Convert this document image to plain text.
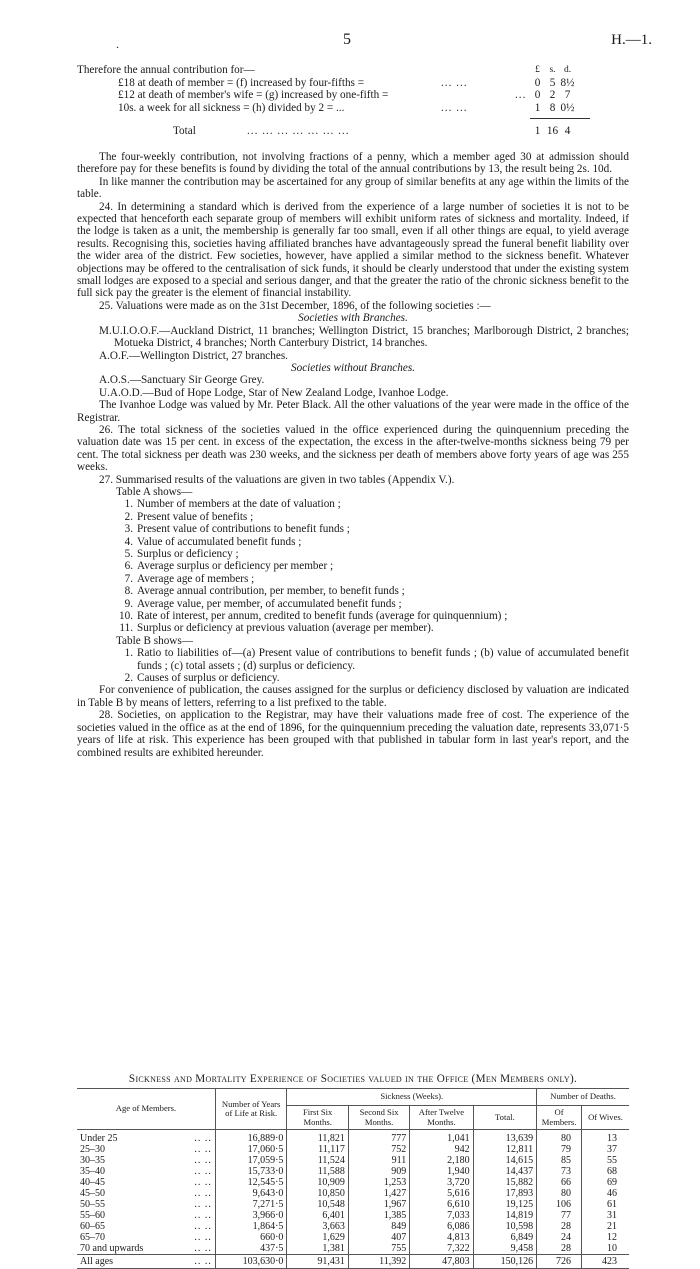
.	5	H.—1.
Therefore the annual contribution for—	£ s. d.
£18 at death of member = (f) increased by four-fifths =	... ...	0 5 8½
£12 at death of member's wife = (g) increased by one-fifth =	... 0 2 7
10s. a week for all sickness = (h) divided by 2 = ...	... ...	1 8 0½
Total	... ... ... ... ... ... ...	1 16 4

The four-weekly contribution, not involving fractions of a penny, which a member aged 30 at admission should therefore pay for these benefits is found by dividing the total of the annual contributions by 13, the result being 2s. 10d.

In like manner the contribution may be ascertained for any group of similar benefits at any age within the limits of the table.

24. In determining a standard which is derived from the experience of a large number of societies it is not to be expected that henceforth each separate group of members will exhibit uniform rates of sickness and mortality. Indeed, if the lodge is taken as a unit, the membership is generally far too small, even if all other things are equal, to yield average results. Recognising this, societies having affiliated branches have advantageously spread the funeral benefit liability over the wider area of the district. Few societies, however, have applied a similar method to the sickness benefit. Whatever objections may be offered to the centralisation of sick funds, it should be clearly understood that under the existing system small lodges are exposed to a special and serious danger, and that the greater the ratio of the chronic sickness benefit to the full sick pay the greater is the element of financial instability.

25. Valuations were made as on the 31st December, 1896, of the following societies :—

Societies with Branches.

M.U.I.O.O.F.—Auckland District, 11 branches; Wellington District, 15 branches; Marlborough District, 2 branches; Motueka District, 4 branches; North Canterbury District, 14 branches.

A.O.F.—Wellington District, 27 branches.

Societies without Branches.

A.O.S.—Sanctuary Sir George Grey.

U.A.O.D.—Bud of Hope Lodge, Star of New Zealand Lodge, Ivanhoe Lodge.

The Ivanhoe Lodge was valued by Mr. Peter Black. All the other valuations of the year were made in the office of the Registrar.

26. The total sickness of the societies valued in the office experienced during the quinquennium preceding the valuation date was 15 per cent. in excess of the expectation, the excess in the after-twelve-months sickness being 79 per cent. The total sickness per death was 230 weeks, and the sickness per death of members above forty years of age was 255 weeks.

27. Summarised results of the valuations are given in two tables (Appendix V.).

Table A shows—

1. Number of members at the date of valuation ;
2. Present value of benefits ;
3. Present value of contributions to benefit funds ;
4. Value of accumulated benefit funds ;
5. Surplus or deficiency ;
6. Average surplus or deficiency per member ;
7. Average age of members ;
8. Average annual contribution, per member, to benefit funds ;
9. Average value, per member, of accumulated benefit funds ;
10. Rate of interest, per annum, credited to benefit funds (average for quinquennium) ;
11. Surplus or deficiency at previous valuation (average per member).

Table B shows—

1. Ratio to liabilities of—(a) Present value of contributions to benefit funds ; (b) value of accumulated benefit funds ; (c) total assets ; (d) surplus or deficiency.
2. Causes of surplus or deficiency.

For convenience of publication, the causes assigned for the surplus or deficiency disclosed by valuation are indicated in Table B by means of letters, referring to a list prefixed to the table.

28. Societies, on application to the Registrar, may have their valuations made free of cost. The experience of the societies valued in the office as at the end of 1896, for the quinquennium preceding the valuation date, represents 33,071·5 years of life at risk. This experience has been grouped with that published in tabular form in last year's report, and the combined results are exhibited hereunder.

Sickness and Mortality Experience of Societies valued in the Office (Men Members only).
Age of Members.	Number of Years of Life at Risk.	Sickness (Weeks).				Number of Deaths.	
		First Six Months.	Second Six Months.	After Twelve Months.	Total.	Of Members.	Of Wives.
Under 25 .. ..	16,889·0	11,821	777	1,041	13,639	80	13
25–30 .. ..	17,060·5	11,117	752	942	12,811	79	37
30–35 .. ..	17,059·5	11,524	911	2,180	14,615	85	55
35–40 .. ..	15,733·0	11,588	909	1,940	14,437	73	68
40–45 .. ..	12,545·5	10,909	1,253	3,720	15,882	66	69
45–50 .. ..	9,643·0	10,850	1,427	5,616	17,893	80	46
50–55 .. ..	7,271·5	10,548	1,967	6,610	19,125	106	61
55–60 .. ..	3,966·0	6,401	1,385	7,033	14,819	77	31
60–65 .. ..	1,864·5	3,663	849	6,086	10,598	28	21
65–70 .. ..	660·0	1,629	407	4,813	6,849	24	12
70 and upwards .. ..	437·5	1,381	755	7,322	9,458	28	10
All ages .. ..	103,630·0	91,431	11,392	47,803	150,126	726	423
